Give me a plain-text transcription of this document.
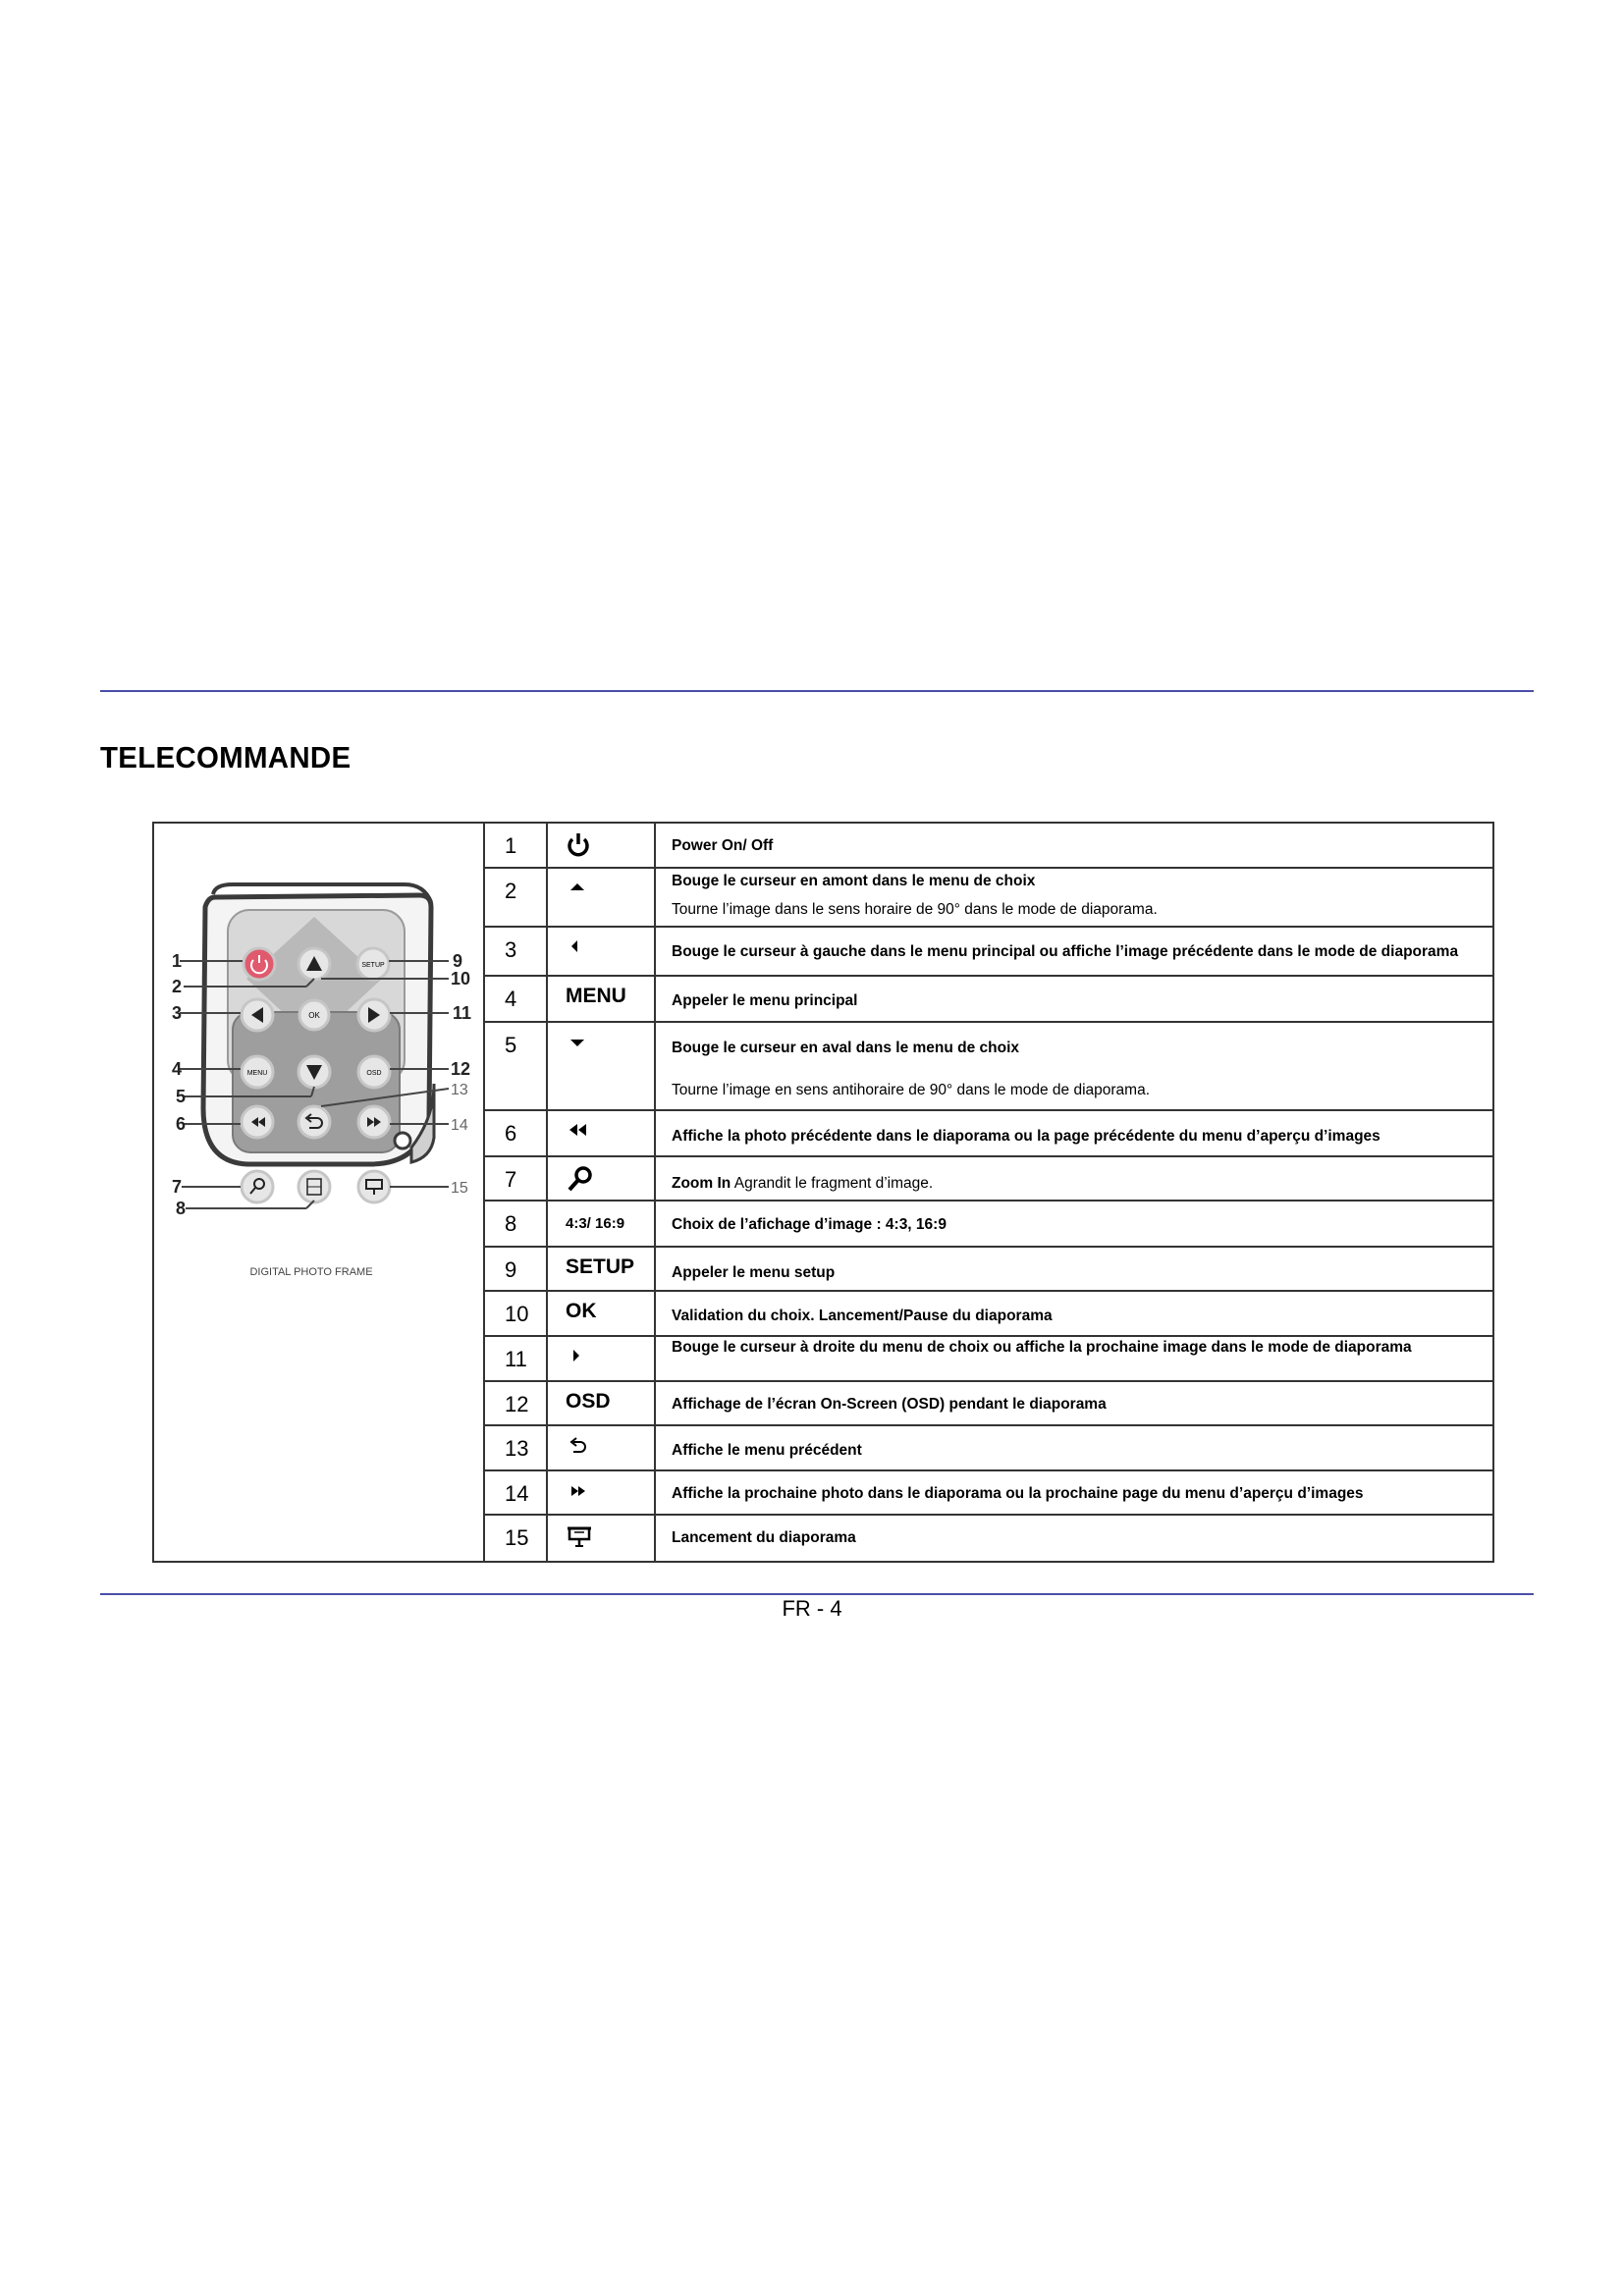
TELECOMMANDE
SETUP
OK
MENU	OSD
DIGITAL PHOTO FRAME
1
2
3
4
5
6
7
8
9
10
11
12
13
14
15
1	Power On/ Off
2	Bouge le curseur en amont dans le menu de choix
Tourne l’image dans le sens horaire de 90° dans le mode de diaporama.
3	Bouge le curseur à gauche dans le menu principal ou affiche l’image précédente dans le mode de diaporama
4	MENU	Appeler le menu principal
5	Bouge le curseur en aval dans le menu de choix
Tourne l’image en sens antihoraire de 90° dans le mode de diaporama.
6	Affiche la photo précédente dans le diaporama ou la page précédente du menu d’aperçu d’images
7	Zoom In Agrandit le fragment d’image.
8	4:3/ 16:9	Choix de l’afichage d’image : 4:3, 16:9
9	SETUP	Appeler le menu setup
10	OK	Validation du choix. Lancement/Pause du diaporama
11	Bouge le curseur à droite du menu de choix ou affiche la prochaine image dans le mode de diaporama
12	OSD	Affichage de l’écran On-Screen (OSD) pendant le diaporama
13	Affiche le menu précédent
14	Affiche la prochaine photo dans le diaporama ou la prochaine page du menu d’aperçu d’images
15	Lancement du diaporama
FR - 4
